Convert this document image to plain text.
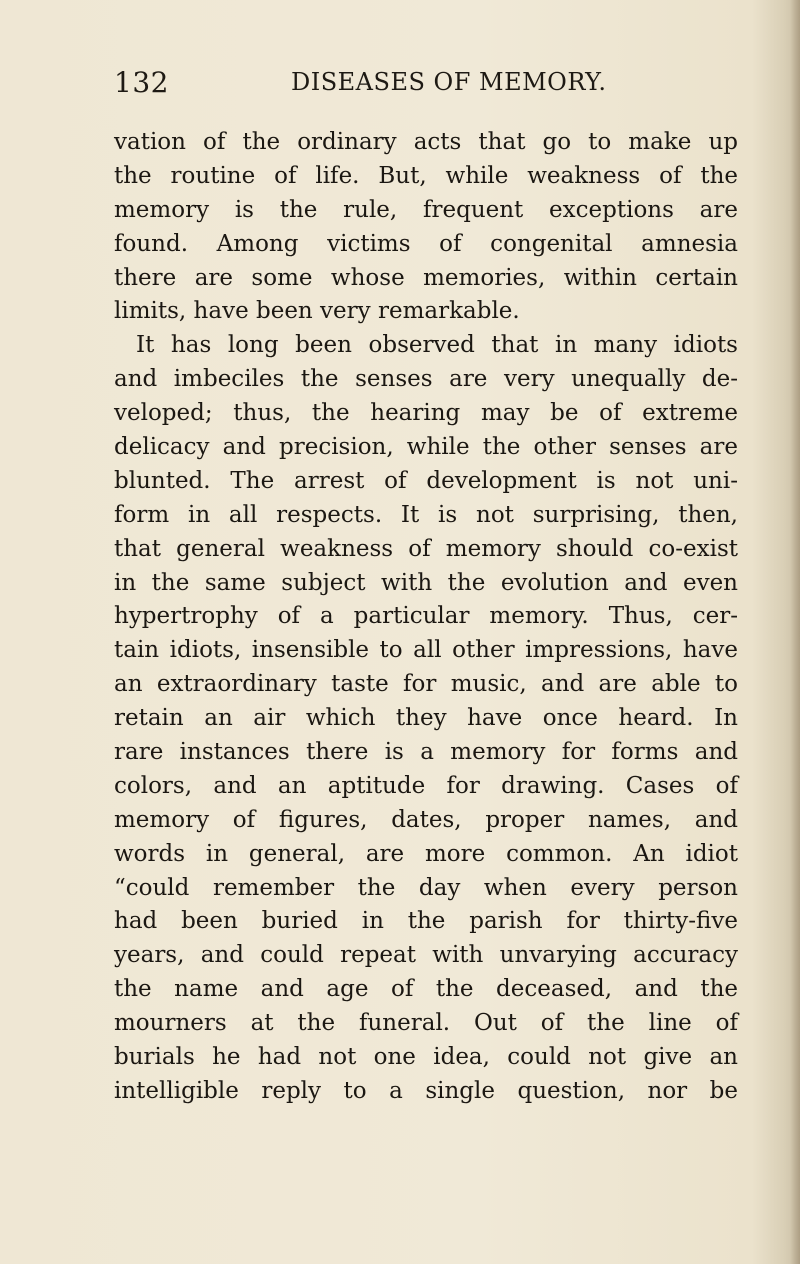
132	DISEASES OF MEMORY.
vation of the ordinary acts that go to make up
the routine of life. But, while weakness of the
memory is the rule, frequent exceptions are
found. Among victims of congenital amnesia
there are some whose memories, within certain
limits, have been very remarkable.
It has long been observed that in many idiots
and imbeciles the senses are very unequally de-
veloped; thus, the hearing may be of extreme
delicacy and precision, while the other senses are
blunted. The arrest of development is not uni-
form in all respects. It is not surprising, then,
that general weakness of memory should co-exist
in the same subject with the evolution and even
hypertrophy of a particular memory. Thus, cer-
tain idiots, insensible to all other impressions, have
an extraordinary taste for music, and are able to
retain an air which they have once heard. In
rare instances there is a memory for forms and
colors, and an aptitude for drawing. Cases of
memory of figures, dates, proper names, and
words in general, are more common. An idiot
“could remember the day when every person
had been buried in the parish for thirty-five
years, and could repeat with unvarying accuracy
the name and age of the deceased, and the
mourners at the funeral. Out of the line of
burials he had not one idea, could not give an
intelligible reply to a single question, nor be
